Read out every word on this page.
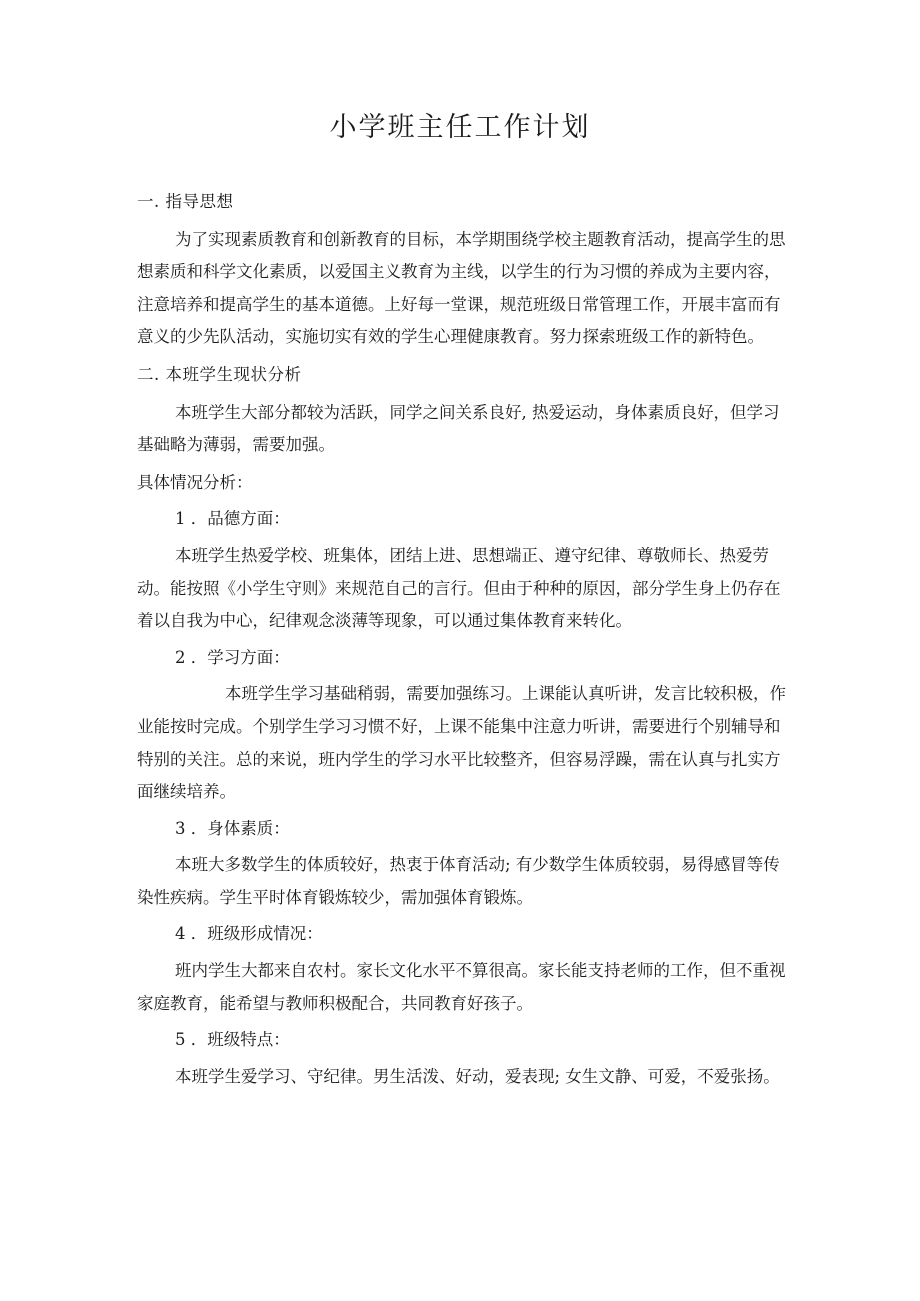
小学班主任工作计划

一. 指导思想

为了实现素质教育和创新教育的目标，本学期围绕学校主题教育活动，提高学生的思想素质和科学文化素质，以爱国主义教育为主线，以学生的行为习惯的养成为主要内容，注意培养和提高学生的基本道德。上好每一堂课，规范班级日常管理工作，开展丰富而有意义的少先队活动，实施切实有效的学生心理健康教育。努力探索班级工作的新特色。

二. 本班学生现状分析

本班学生大部分都较为活跃，同学之间关系良好, 热爱运动，身体素质良好，但学习基础略为薄弱，需要加强。

具体情况分析：

1 ．品德方面：

本班学生热爱学校、班集体，团结上进、思想端正、遵守纪律、尊敬师长、热爱劳动。能按照《小学生守则》来规范自己的言行。但由于种种的原因，部分学生身上仍存在着以自我为中心，纪律观念淡薄等现象，可以通过集体教育来转化。

2 ．学习方面：

本班学生学习基础稍弱，需要加强练习。上课能认真听讲，发言比较积极，作业能按时完成。个别学生学习习惯不好，上课不能集中注意力听讲，需要进行个别辅导和特别的关注。总的来说，班内学生的学习水平比较整齐，但容易浮躁，需在认真与扎实方面继续培养。

3 ．身体素质：

本班大多数学生的体质较好，热衷于体育活动; 有少数学生体质较弱，易得感冒等传染性疾病。学生平时体育锻炼较少，需加强体育锻炼。

4 ．班级形成情况：

班内学生大都来自农村。家长文化水平不算很高。家长能支持老师的工作，但不重视家庭教育，能希望与教师积极配合，共同教育好孩子。

5 ．班级特点：

本班学生爱学习、守纪律。男生活泼、好动，爱表现; 女生文静、可爱，不爱张扬。
